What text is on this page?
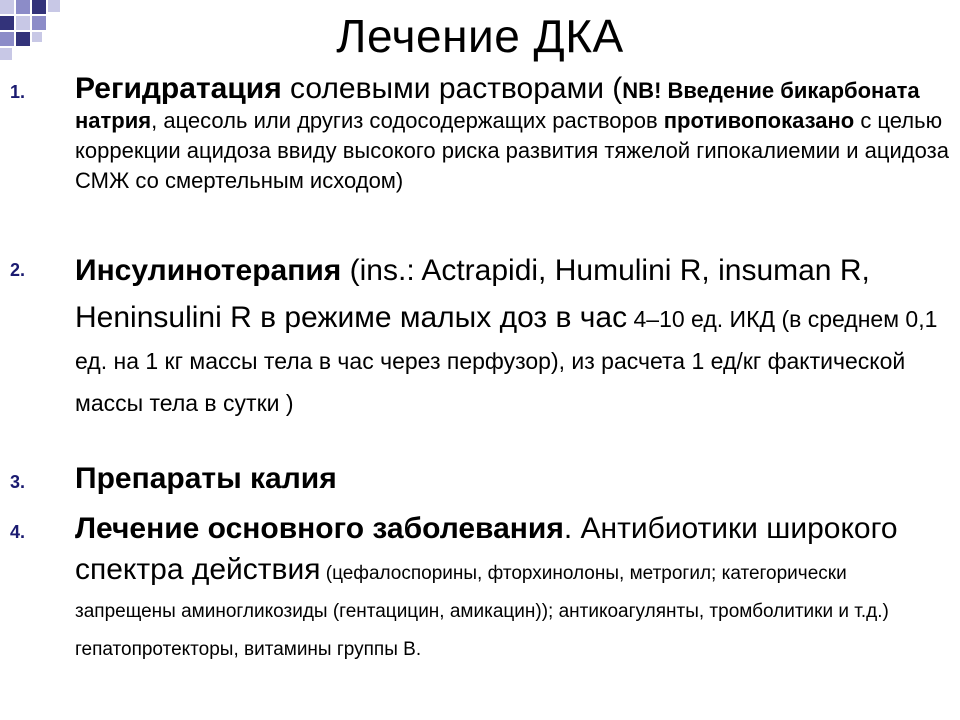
Лечение ДКА
1. Регидратация солевыми растворами (NB! Введение бикарбоната натрия, ацесоль или другиз содосодержащих растворов противопоказано с целью коррекции ацидоза ввиду высокого риска развития тяжелой гипокалиемии и ацидоза СМЖ со смертельным исходом)

2. Инсулинотерапия (ins.: Actrapidi, Humulini R, insuman R, Heninsulini R в режиме малых доз в час 4–10 ед. ИКД (в среднем 0,1 ед. на 1 кг массы тела в час через перфузор), из расчета 1 ед/кг фактической массы тела в сутки )

3. Препараты калия

4. Лечение основного заболевания. Антибиотики широкого спектра действия (цефалоспорины, фторхинолоны, метрогил; категорически запрещены аминогликозиды (гентацицин, амикацин)); антикоагулянты, тромболитики и т.д.) гепатопротекторы, витамины группы В.
